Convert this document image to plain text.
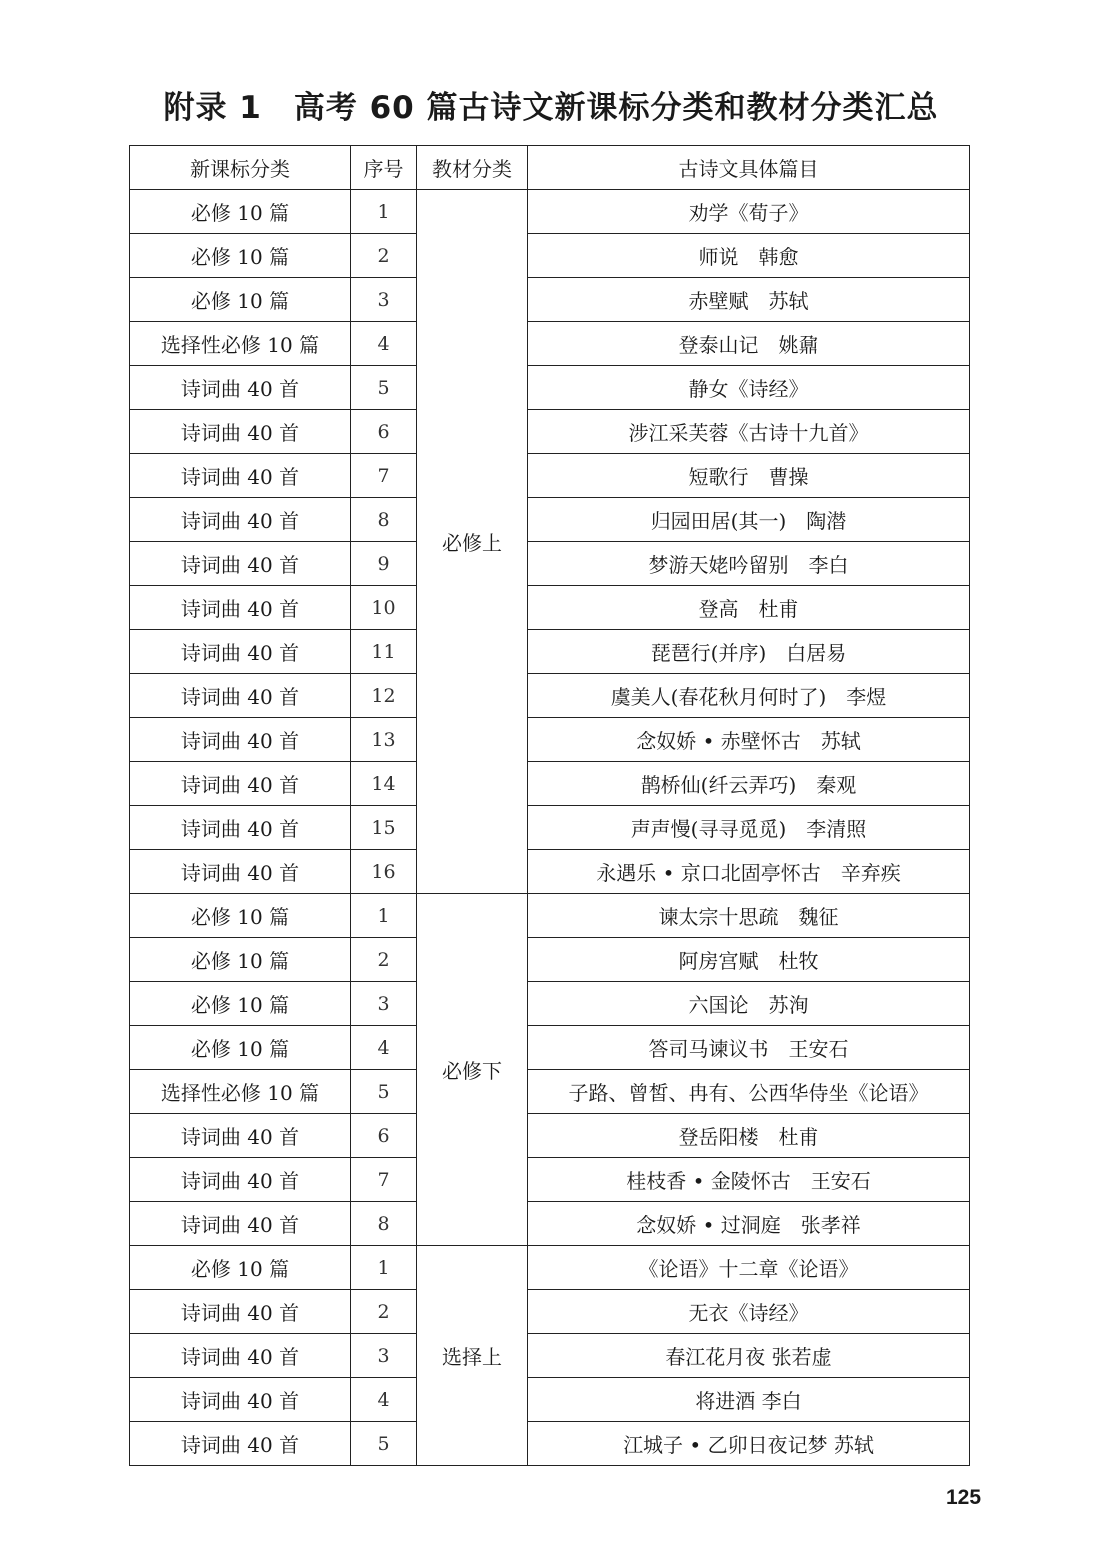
附录 1　高考 60 篇古诗文新课标分类和教材分类汇总
新课标分类	序号	教材分类	古诗文具体篇目
必修 10 篇	1	必修上	劝学《荀子》
必修 10 篇	2		师说　韩愈
必修 10 篇	3		赤壁赋　苏轼
选择性必修 10 篇	4		登泰山记　姚鼐
诗词曲 40 首	5		静女《诗经》
诗词曲 40 首	6		涉江采芙蓉《古诗十九首》
诗词曲 40 首	7		短歌行　曹操
诗词曲 40 首	8		归园田居(其一)　陶潜
诗词曲 40 首	9		梦游天姥吟留别　李白
诗词曲 40 首	10		登高　杜甫
诗词曲 40 首	11		琵琶行(并序)　白居易
诗词曲 40 首	12		虞美人(春花秋月何时了)　李煜
诗词曲 40 首	13		念奴娇 • 赤壁怀古　苏轼
诗词曲 40 首	14		鹊桥仙(纤云弄巧)　秦观
诗词曲 40 首	15		声声慢(寻寻觅觅)　李清照
诗词曲 40 首	16		永遇乐 • 京口北固亭怀古　辛弃疾
必修 10 篇	1	必修下	谏太宗十思疏　魏征
必修 10 篇	2		阿房宫赋　杜牧
必修 10 篇	3		六国论　苏洵
必修 10 篇	4		答司马谏议书　王安石
选择性必修 10 篇	5		子路、曾皙、冉有、公西华侍坐《论语》
诗词曲 40 首	6		登岳阳楼　杜甫
诗词曲 40 首	7		桂枝香 • 金陵怀古　王安石
诗词曲 40 首	8		念奴娇 • 过洞庭　张孝祥
必修 10 篇	1	选择上	《论语》十二章《论语》
诗词曲 40 首	2		无衣《诗经》
诗词曲 40 首	3		春江花月夜 张若虚
诗词曲 40 首	4		将进酒 李白
诗词曲 40 首	5		江城子 • 乙卯日夜记梦 苏轼
125
